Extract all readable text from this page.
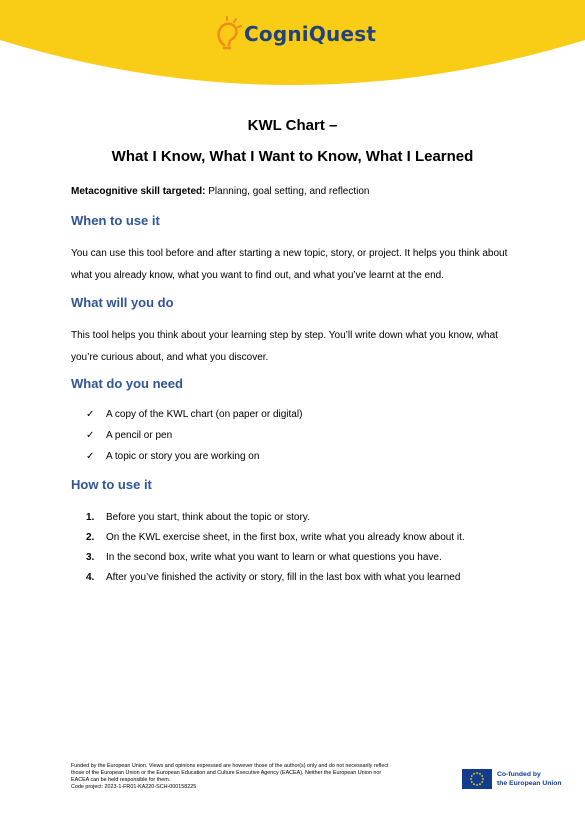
CogniQuest
KWL Chart –
What I Know, What I Want to Know, What I Learned
Metacognitive skill targeted: Planning, goal setting, and reflection
When to use it
You can use this tool before and after starting a new topic, story, or project. It helps you think about
what you already know, what you want to find out, and what you’ve learnt at the end.
What will you do
This tool helps you think about your learning step by step. You’ll write down what you know, what
you’re curious about, and what you discover.
What do you need
✓	A copy of the KWL chart (on paper or digital)
✓	A pencil or pen
✓	A topic or story you are working on
How to use it
1.	Before you start, think about the topic or story.
2.	On the KWL exercise sheet, in the first box, write what you already know about it.
3.	In the second box, write what you want to learn or what questions you have.
4.	After you’ve finished the activity or story, fill in the last box with what you learned
Funded by the European Union. Views and opinions expressed are however those of the author(s) only and do not necessarily reflect
those of the European Union or the European Education and Culture Executive Agency (EACEA). Neither the European Union nor
EACEA can be held responsible for them.
Code project: 2023-1-FR01-KA220-SCH-000158225
Co-funded by
the European Union
